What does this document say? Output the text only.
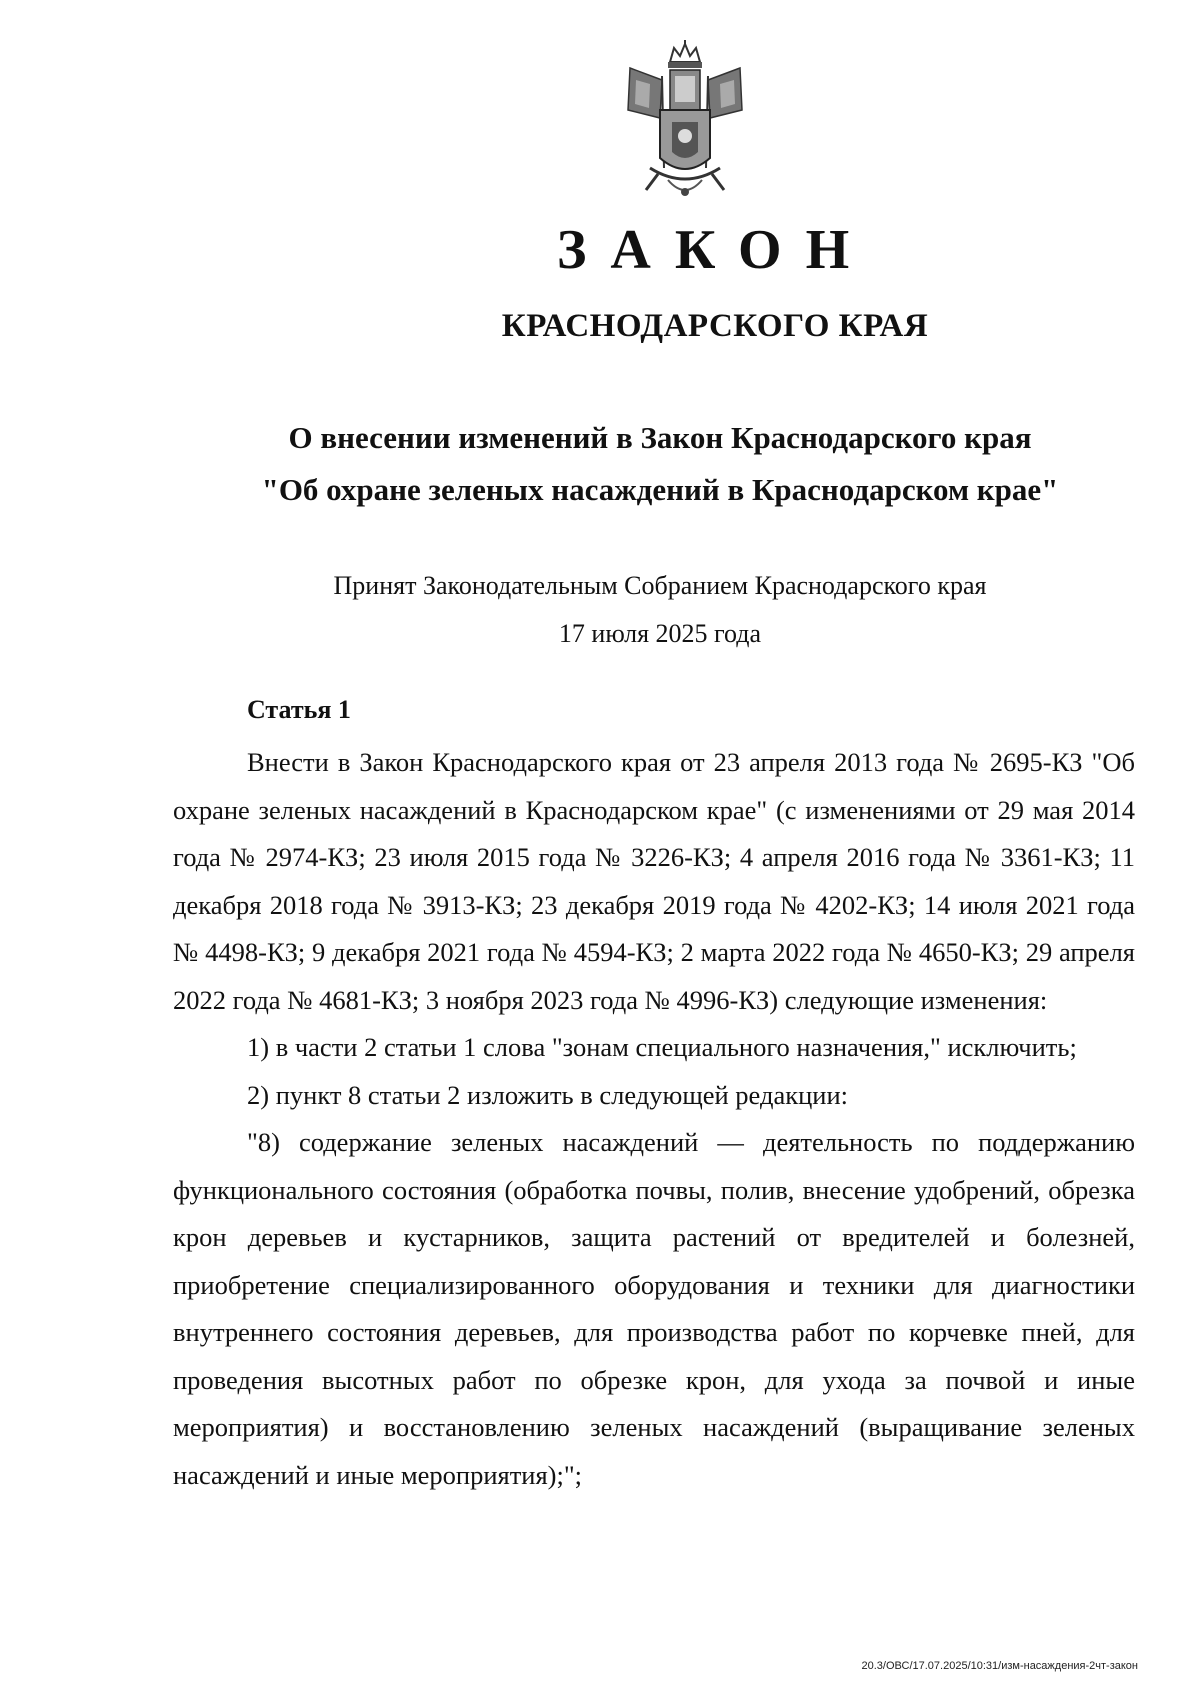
ЗАКОН
КРАСНОДАРСКОГО КРАЯ
О внесении изменений в Закон Краснодарского края
"Об охране зеленых насаждений в Краснодарском крае"
Принят Законодательным Собранием Краснодарского края
17 июля 2025 года
Статья 1

Внести в Закон Краснодарского края от 23 апреля 2013 года № 2695-КЗ "Об охране зеленых насаждений в Краснодарском крае" (с изменениями от 29 мая 2014 года № 2974-КЗ; 23 июля 2015 года № 3226-КЗ; 4 апреля 2016 года № 3361-КЗ; 11 декабря 2018 года № 3913-КЗ; 23 декабря 2019 года № 4202-КЗ; 14 июля 2021 года № 4498-КЗ; 9 декабря 2021 года № 4594-КЗ; 2 марта 2022 года № 4650-КЗ; 29 апреля 2022 года № 4681-КЗ; 3 ноября 2023 года № 4996-КЗ) следующие изменения:

1) в части 2 статьи 1 слова "зонам специального назначения," исключить;

2) пункт 8 статьи 2 изложить в следующей редакции:

"8) содержание зеленых насаждений — деятельность по поддержанию функционального состояния (обработка почвы, полив, внесение удобрений, обрезка крон деревьев и кустарников, защита растений от вредителей и болезней, приобретение специализированного оборудования и техники для диагностики внутреннего состояния деревьев, для производства работ по корчевке пней, для проведения высотных работ по обрезке крон, для ухода за почвой и иные мероприятия) и восстановлению зеленых насаждений (выращивание зеленых насаждений и иные мероприятия);";

20.3/ОВС/17.07.2025/10:31/изм-насаждения-2чт-закон
